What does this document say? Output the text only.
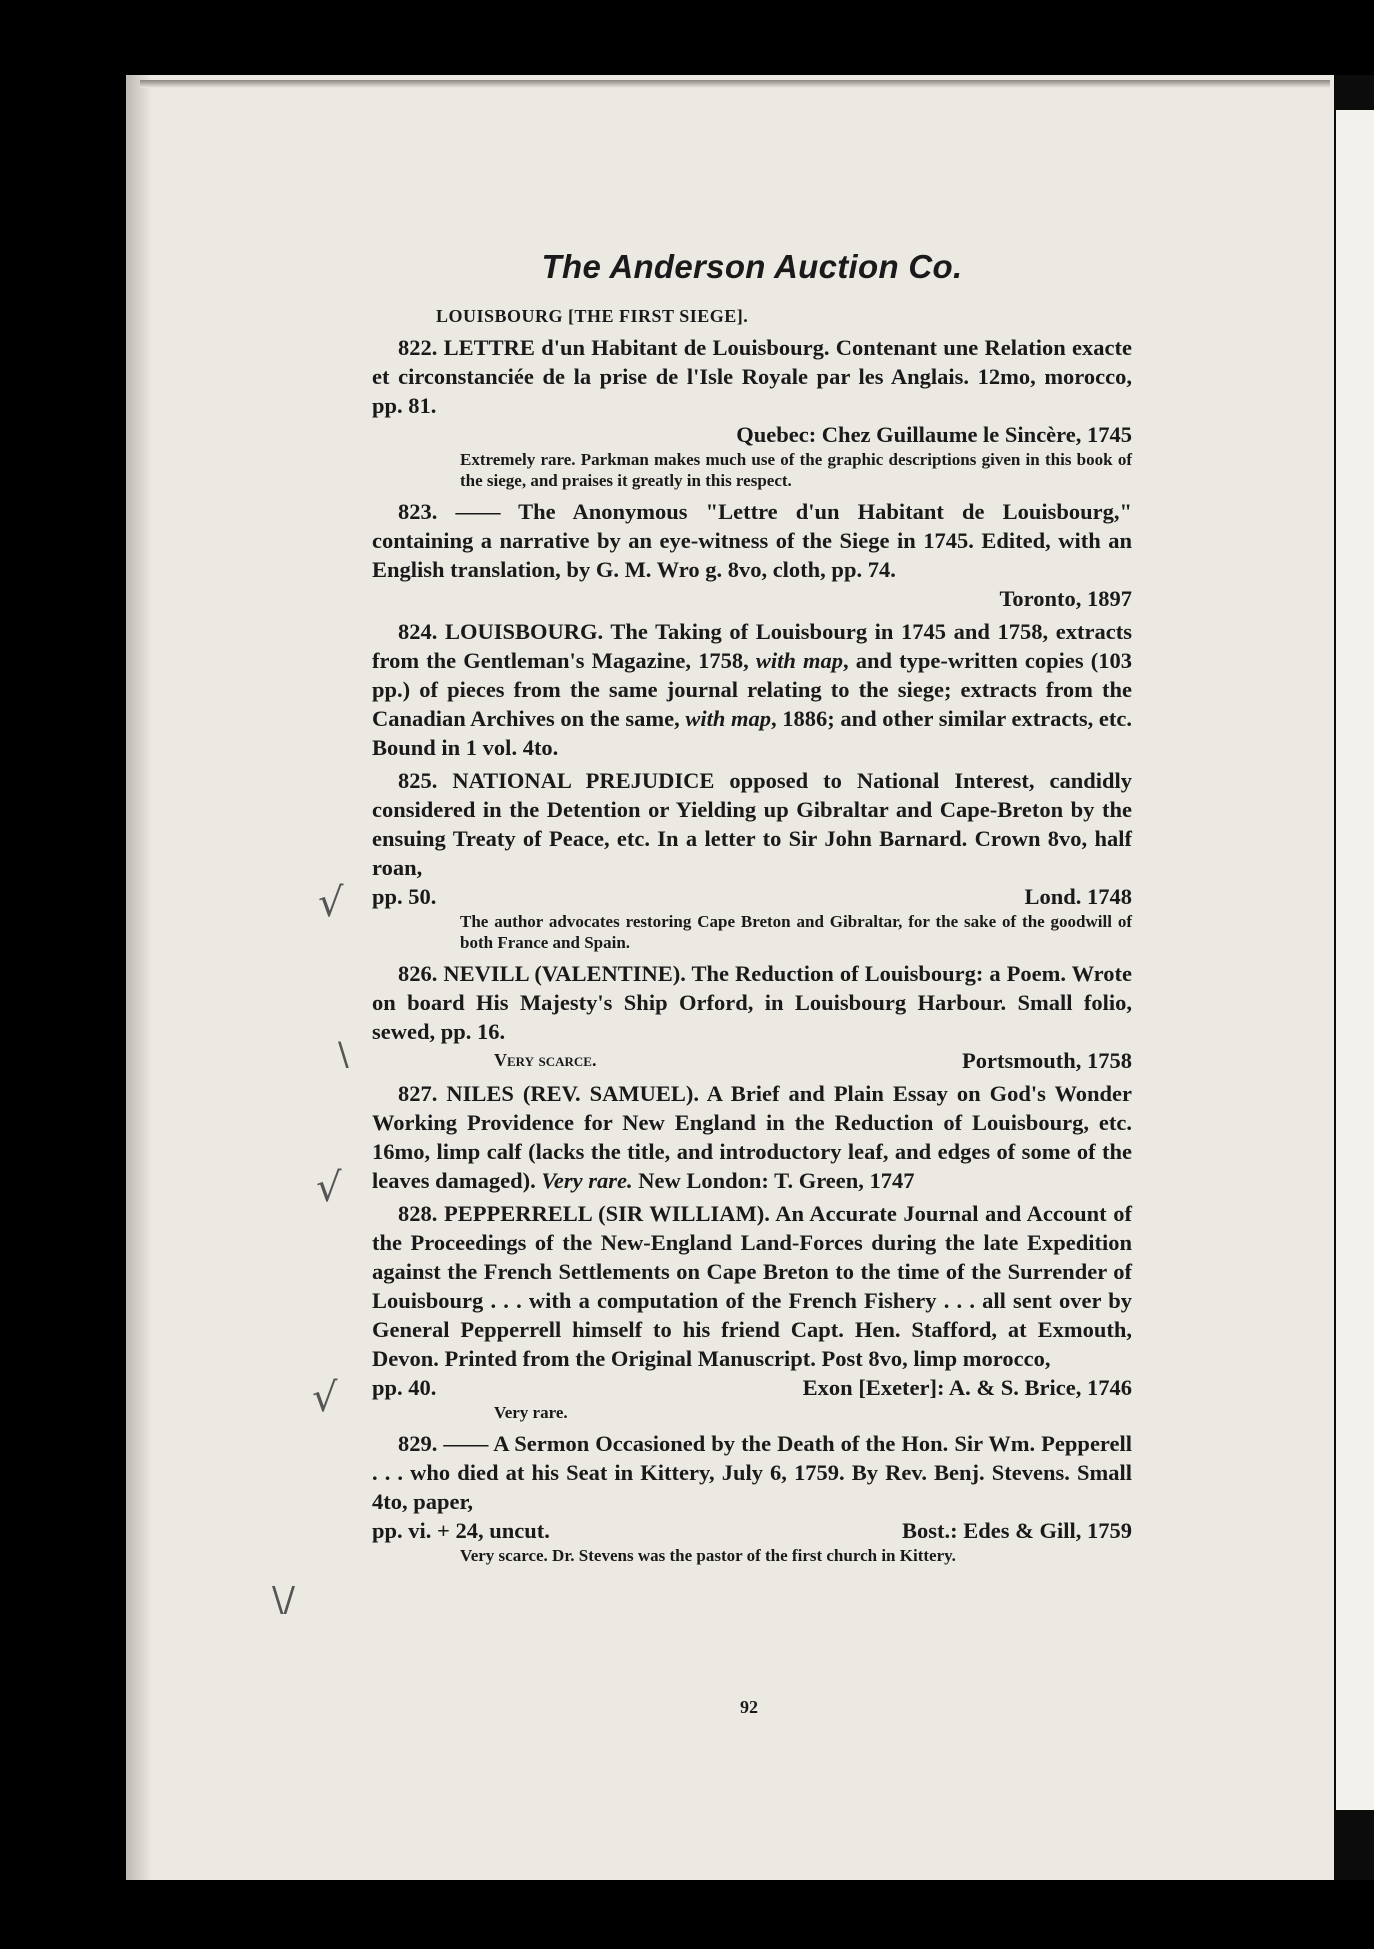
The Anderson Auction Co.
LOUISBOURG [THE FIRST SIEGE].

822. LETTRE d'un Habitant de Louisbourg. Contenant une Relation exacte et circonstanciée de la prise de l'Isle Royale par les Anglais. 12mo, morocco, pp. 81.

Quebec: Chez Guillaume le Sincère, 1745
Extremely rare. Parkman makes much use of the graphic descriptions given in this book of the siege, and praises it greatly in this respect.

823. —— The Anonymous "Lettre d'un Habitant de Louisbourg," containing a narrative by an eye-witness of the Siege in 1745. Edited, with an English translation, by G. M. Wro g. 8vo, cloth, pp. 74.

Toronto, 1897

824. LOUISBOURG. The Taking of Louisbourg in 1745 and 1758, extracts from the Gentleman's Magazine, 1758, with map, and type-written copies (103 pp.) of pieces from the same journal relating to the siege; extracts from the Canadian Archives on the same, with map, 1886; and other similar extracts, etc. Bound in 1 vol. 4to.

825. NATIONAL PREJUDICE opposed to National Interest, candidly considered in the Detention or Yielding up Gibraltar and Cape-Breton by the ensuing Treaty of Peace, etc. In a letter to Sir John Barnard. Crown 8vo, half roan,

pp. 50.	Lond. 1748
The author advocates restoring Cape Breton and Gibraltar, for the sake of the goodwill of both France and Spain.

826. NEVILL (VALENTINE). The Reduction of Louisbourg: a Poem. Wrote on board His Majesty's Ship Orford, in Louisbourg Harbour. Small folio, sewed, pp. 16.

Very scarce.	Portsmouth, 1758

827. NILES (REV. SAMUEL). A Brief and Plain Essay on God's Wonder Working Providence for New England in the Reduction of Louisbourg, etc. 16mo, limp calf (lacks the title, and introductory leaf, and edges of some of the leaves damaged). Very rare. New London: T. Green, 1747

828. PEPPERRELL (SIR WILLIAM). An Accurate Journal and Account of the Proceedings of the New-England Land-Forces during the late Expedition against the French Settlements on Cape Breton to the time of the Surrender of Louisbourg . . . with a computation of the French Fishery . . . all sent over by General Pepperrell himself to his friend Capt. Hen. Stafford, at Exmouth, Devon. Printed from the Original Manuscript. Post 8vo, limp morocco,

pp. 40.	Exon [Exeter]: A. & S. Brice, 1746
Very rare.

829. —— A Sermon Occasioned by the Death of the Hon. Sir Wm. Pepperell . . . who died at his Seat in Kittery, July 6, 1759. By Rev. Benj. Stevens. Small 4to, paper,

pp. vi. + 24, uncut.	Bost.: Edes & Gill, 1759
Very scarce. Dr. Stevens was the pastor of the first church in Kittery.
92
√
\
√
√
\/
